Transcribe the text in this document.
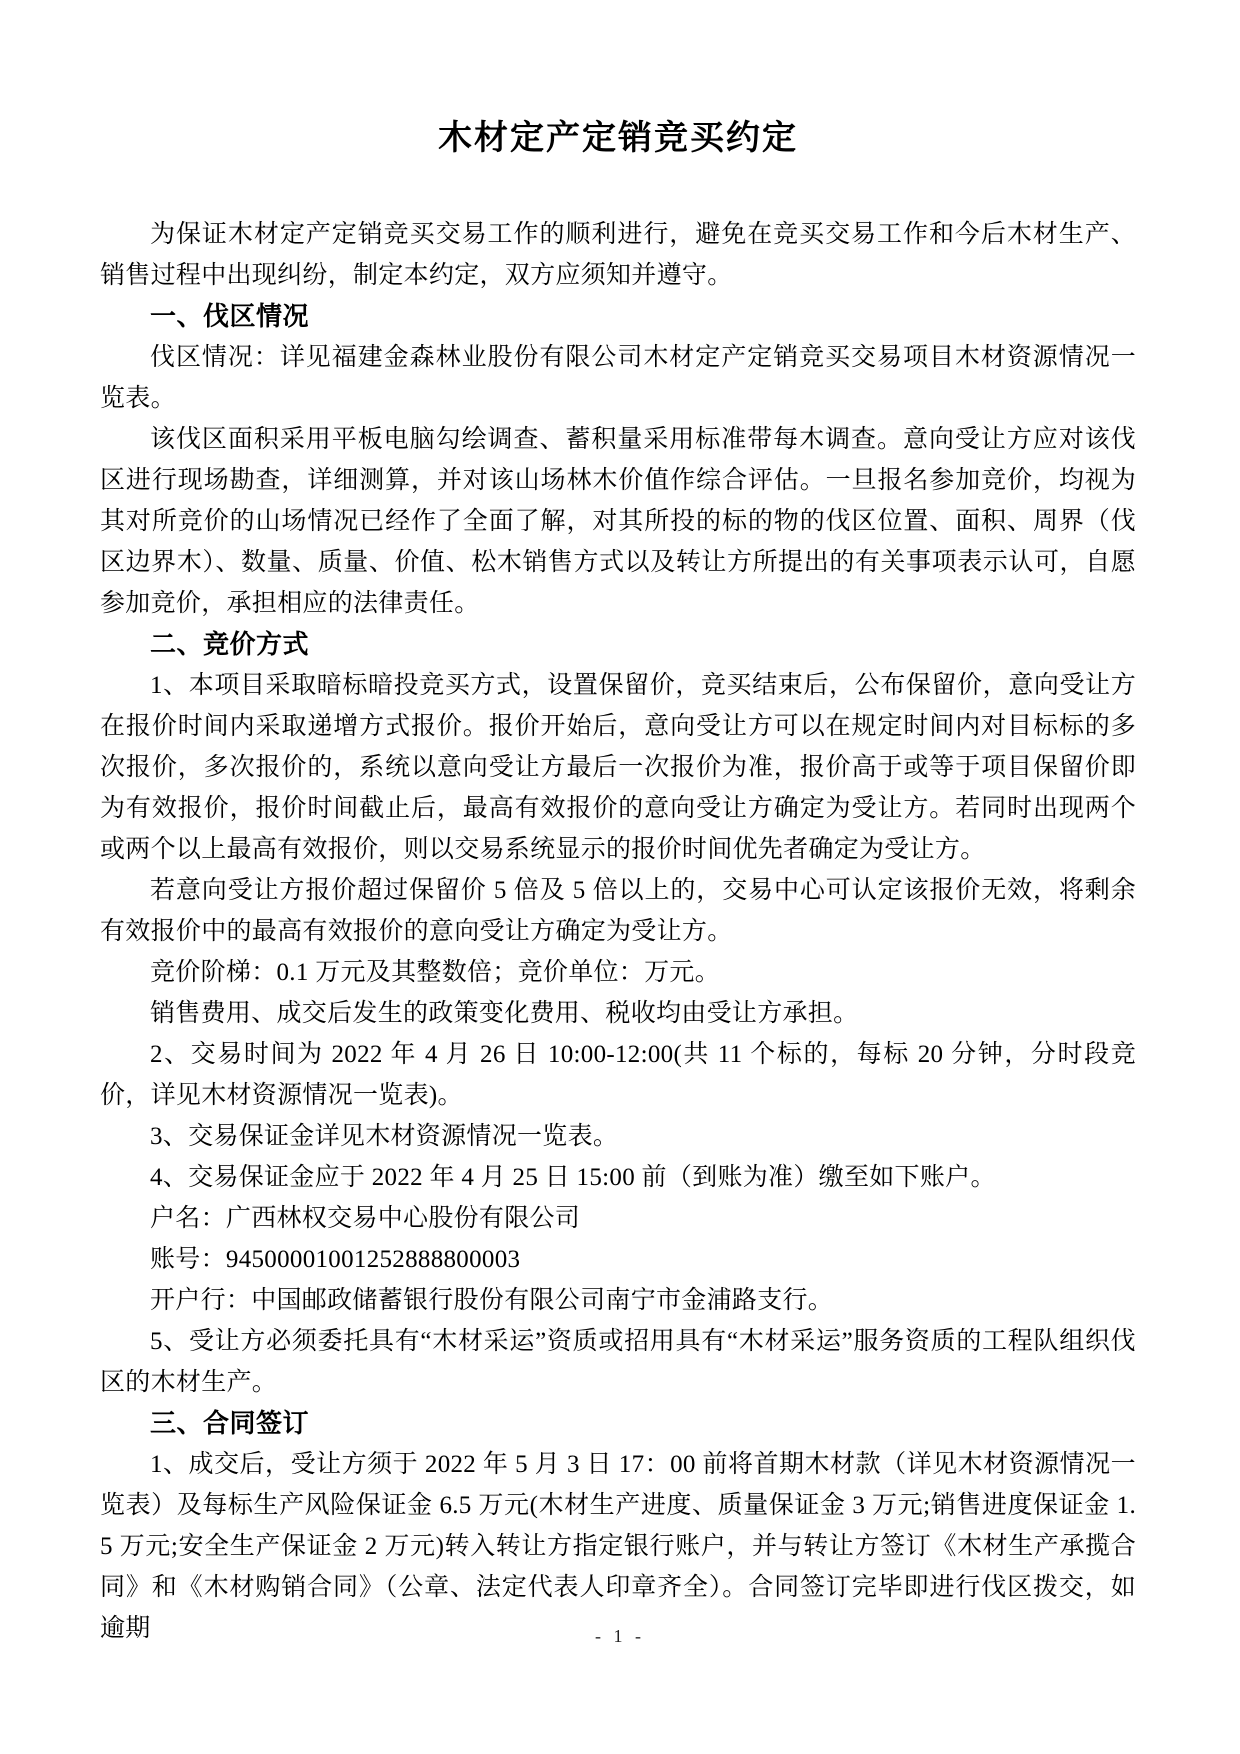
木材定产定销竞买约定

为保证木材定产定销竞买交易工作的顺利进行，避免在竞买交易工作和今后木材生产、销售过程中出现纠纷，制定本约定，双方应须知并遵守。

一、伐区情况

伐区情况：详见福建金森林业股份有限公司木材定产定销竞买交易项目木材资源情况一览表。

该伐区面积采用平板电脑勾绘调查、蓄积量采用标准带每木调查。意向受让方应对该伐区进行现场勘查，详细测算，并对该山场林木价值作综合评估。一旦报名参加竞价，均视为其对所竞价的山场情况已经作了全面了解，对其所投的标的物的伐区位置、面积、周界（伐区边界木）、数量、质量、价值、松木销售方式以及转让方所提出的有关事项表示认可，自愿参加竞价，承担相应的法律责任。

二、竞价方式

1、本项目采取暗标暗投竞买方式，设置保留价，竞买结束后，公布保留价，意向受让方在报价时间内采取递增方式报价。报价开始后，意向受让方可以在规定时间内对目标标的多次报价，多次报价的，系统以意向受让方最后一次报价为准，报价高于或等于项目保留价即为有效报价，报价时间截止后，最高有效报价的意向受让方确定为受让方。若同时出现两个或两个以上最高有效报价，则以交易系统显示的报价时间优先者确定为受让方。

若意向受让方报价超过保留价 5 倍及 5 倍以上的，交易中心可认定该报价无效，将剩余有效报价中的最高有效报价的意向受让方确定为受让方。

竞价阶梯：0.1 万元及其整数倍；竞价单位：万元。

销售费用、成交后发生的政策变化费用、税收均由受让方承担。

2、交易时间为 2022 年 4 月 26 日 10:00-12:00(共 11 个标的，每标 20 分钟，分时段竞价，详见木材资源情况一览表)。

3、交易保证金详见木材资源情况一览表。

4、交易保证金应于 2022 年 4 月 25 日 15:00 前（到账为准）缴至如下账户。

户名：广西林权交易中心股份有限公司

账号：94500001001252888800003

开户行：中国邮政储蓄银行股份有限公司南宁市金浦路支行。

5、受让方必须委托具有“木材采运”资质或招用具有“木材采运”服务资质的工程队组织伐区的木材生产。

三、合同签订

1、成交后，受让方须于 2022 年 5 月 3 日 17：00 前将首期木材款（详见木材资源情况一览表）及每标生产风险保证金 6.5 万元(木材生产进度、质量保证金 3 万元;销售进度保证金 1.5 万元;安全生产保证金 2 万元)转入转让方指定银行账户，并与转让方签订《木材生产承揽合同》和《木材购销合同》（公章、法定代表人印章齐全）。合同签订完毕即进行伐区拨交，如逾期	- 1 -
